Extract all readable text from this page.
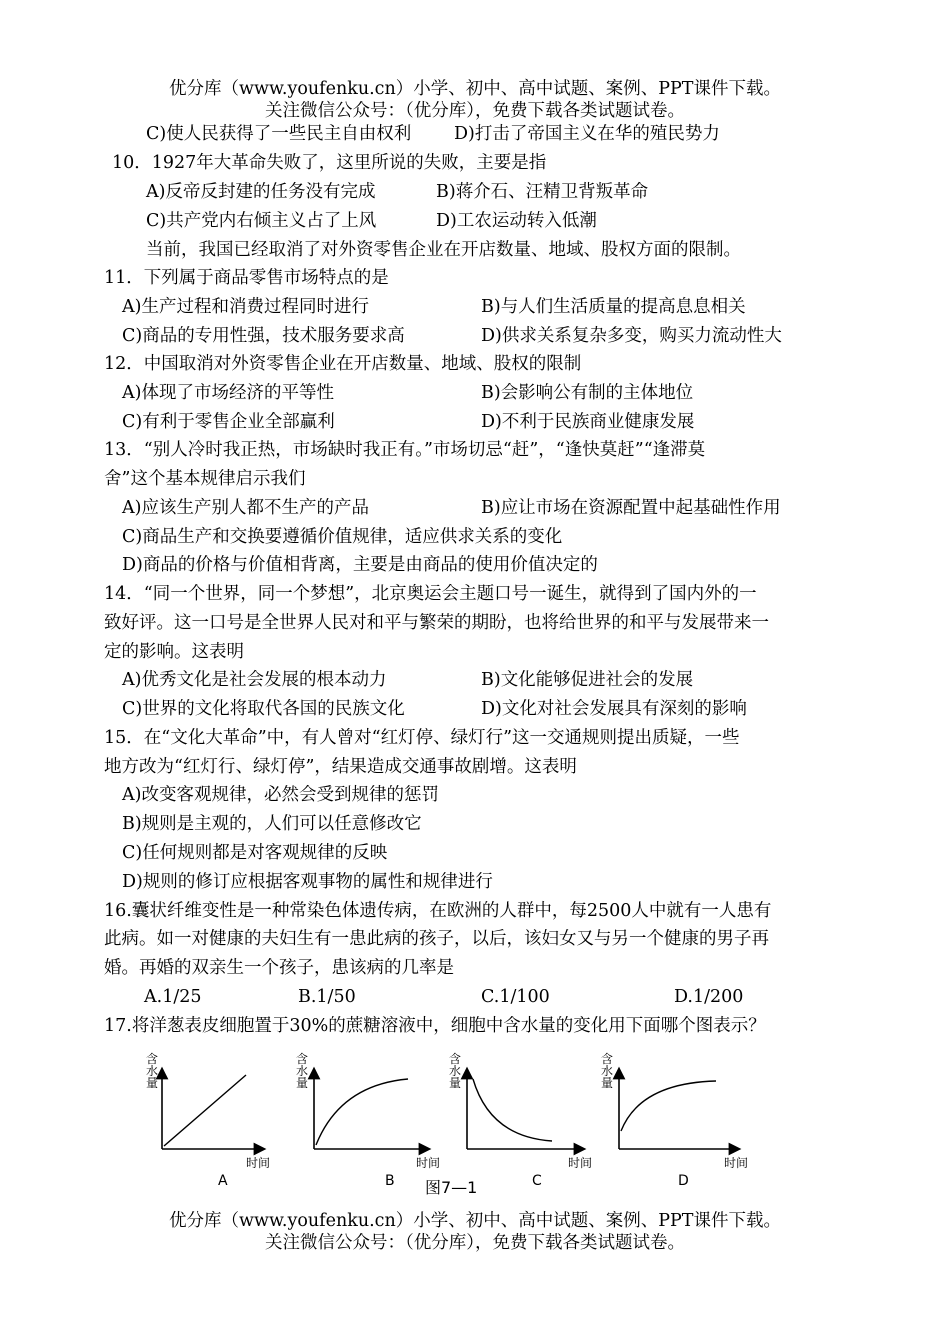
优分库（www.youfenku.cn）小学、初中、高中试题、案例、PPT课件下载。
关注微信公众号：（优分库），免费下载各类试题试卷。
C)使人民获得了一些民主自由权利 D)打击了帝国主义在华的殖民势力
10．1927年大革命失败了，这里所说的失败，主要是指
A)反帝反封建的任务没有完成	B)蒋介石、汪精卫背叛革命
C)共产党内右倾主义占了上风	D)工农运动转入低潮
当前，我国已经取消了对外资零售企业在开店数量、地域、股权方面的限制。
11．下列属于商品零售市场特点的是
A)生产过程和消费过程同时进行	B)与人们生活质量的提高息息相关
C)商品的专用性强，技术服务要求高	D)供求关系复杂多变，购买力流动性大
12．中国取消对外资零售企业在开店数量、地域、股权的限制
A)体现了市场经济的平等性	B)会影响公有制的主体地位
C)有利于零售企业全部赢利	D)不利于民族商业健康发展
13．“别人冷时我正热，市场缺时我正有。”市场切忌“赶”，“逢快莫赶”“逢滞莫
舍”这个基本规律启示我们
A)应该生产别人都不生产的产品	B)应让市场在资源配置中起基础性作用
C)商品生产和交换要遵循价值规律，适应供求关系的变化
D)商品的价格与价值相背离，主要是由商品的使用价值决定的
14．“同一个世界，同一个梦想”，北京奥运会主题口号一诞生，就得到了国内外的一
致好评。这一口号是全世界人民对和平与繁荣的期盼，也将给世界的和平与发展带来一
定的影响。这表明
A)优秀文化是社会发展的根本动力	B)文化能够促进社会的发展
C)世界的文化将取代各国的民族文化	D)文化对社会发展具有深刻的影响
15．在“文化大革命”中，有人曾对“红灯停、绿灯行”这一交通规则提出质疑，一些
地方改为“红灯行、绿灯停”，结果造成交通事故剧增。这表明
A)改变客观规律，必然会受到规律的惩罚
B)规则是主观的，人们可以任意修改它
C)任何规则都是对客观规律的反映
D)规则的修订应根据客观事物的属性和规律进行
16.囊状纤维变性是一种常染色体遗传病，在欧洲的人群中，每2500人中就有一人患有
此病。如一对健康的夫妇生有一患此病的孩子，以后，该妇女又与另一个健康的男子再
婚。再婚的双亲生一个孩子，患该病的几率是
A.1/25	B.1/50	C.1/100	D.1/200
17.将洋葱表皮细胞置于30%的蔗糖溶液中，细胞中含水量的变化用下面哪个图表示？
含水量
时间
A
含水量
时间
B
含水量
时间
C
含水量
时间
D
图7—1
优分库（www.youfenku.cn）小学、初中、高中试题、案例、PPT课件下载。
关注微信公众号：（优分库），免费下载各类试题试卷。
